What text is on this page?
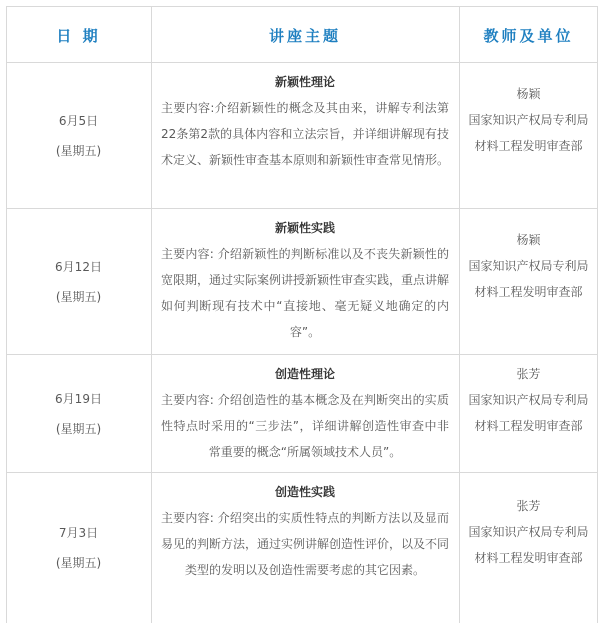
日 期	讲座主题	教师及单位
6月5日
(星期五)
新颖性理论
主要内容:介绍新颖性的概念及其由来，讲解专利法第22条第2款的具体内容和立法宗旨，并详细讲解现有技术定义、新颖性审查基本原则和新颖性审查常见情形。
杨颖
国家知识产权局专利局材料工程发明审查部
6月12日
(星期五)
新颖性实践
主要内容: 介绍新颖性的判断标准以及不丧失新颖性的宽限期，通过实际案例讲授新颖性审查实践，重点讲解如何判断现有技术中“直接地、毫无疑义地确定的内容”。
杨颖
国家知识产权局专利局材料工程发明审查部
6月19日
(星期五)
创造性理论
主要内容: 介绍创造性的基本概念及在判断突出的实质性特点时采用的“三步法”，详细讲解创造性审查中非常重要的概念“所属领域技术人员”。
张芳
国家知识产权局专利局材料工程发明审查部
7月3日
(星期五)
创造性实践
主要内容: 介绍突出的实质性特点的判断方法以及显而易见的判断方法，通过实例讲解创造性评价，以及不同类型的发明以及创造性需要考虑的其它因素。
张芳
国家知识产权局专利局材料工程发明审查部
